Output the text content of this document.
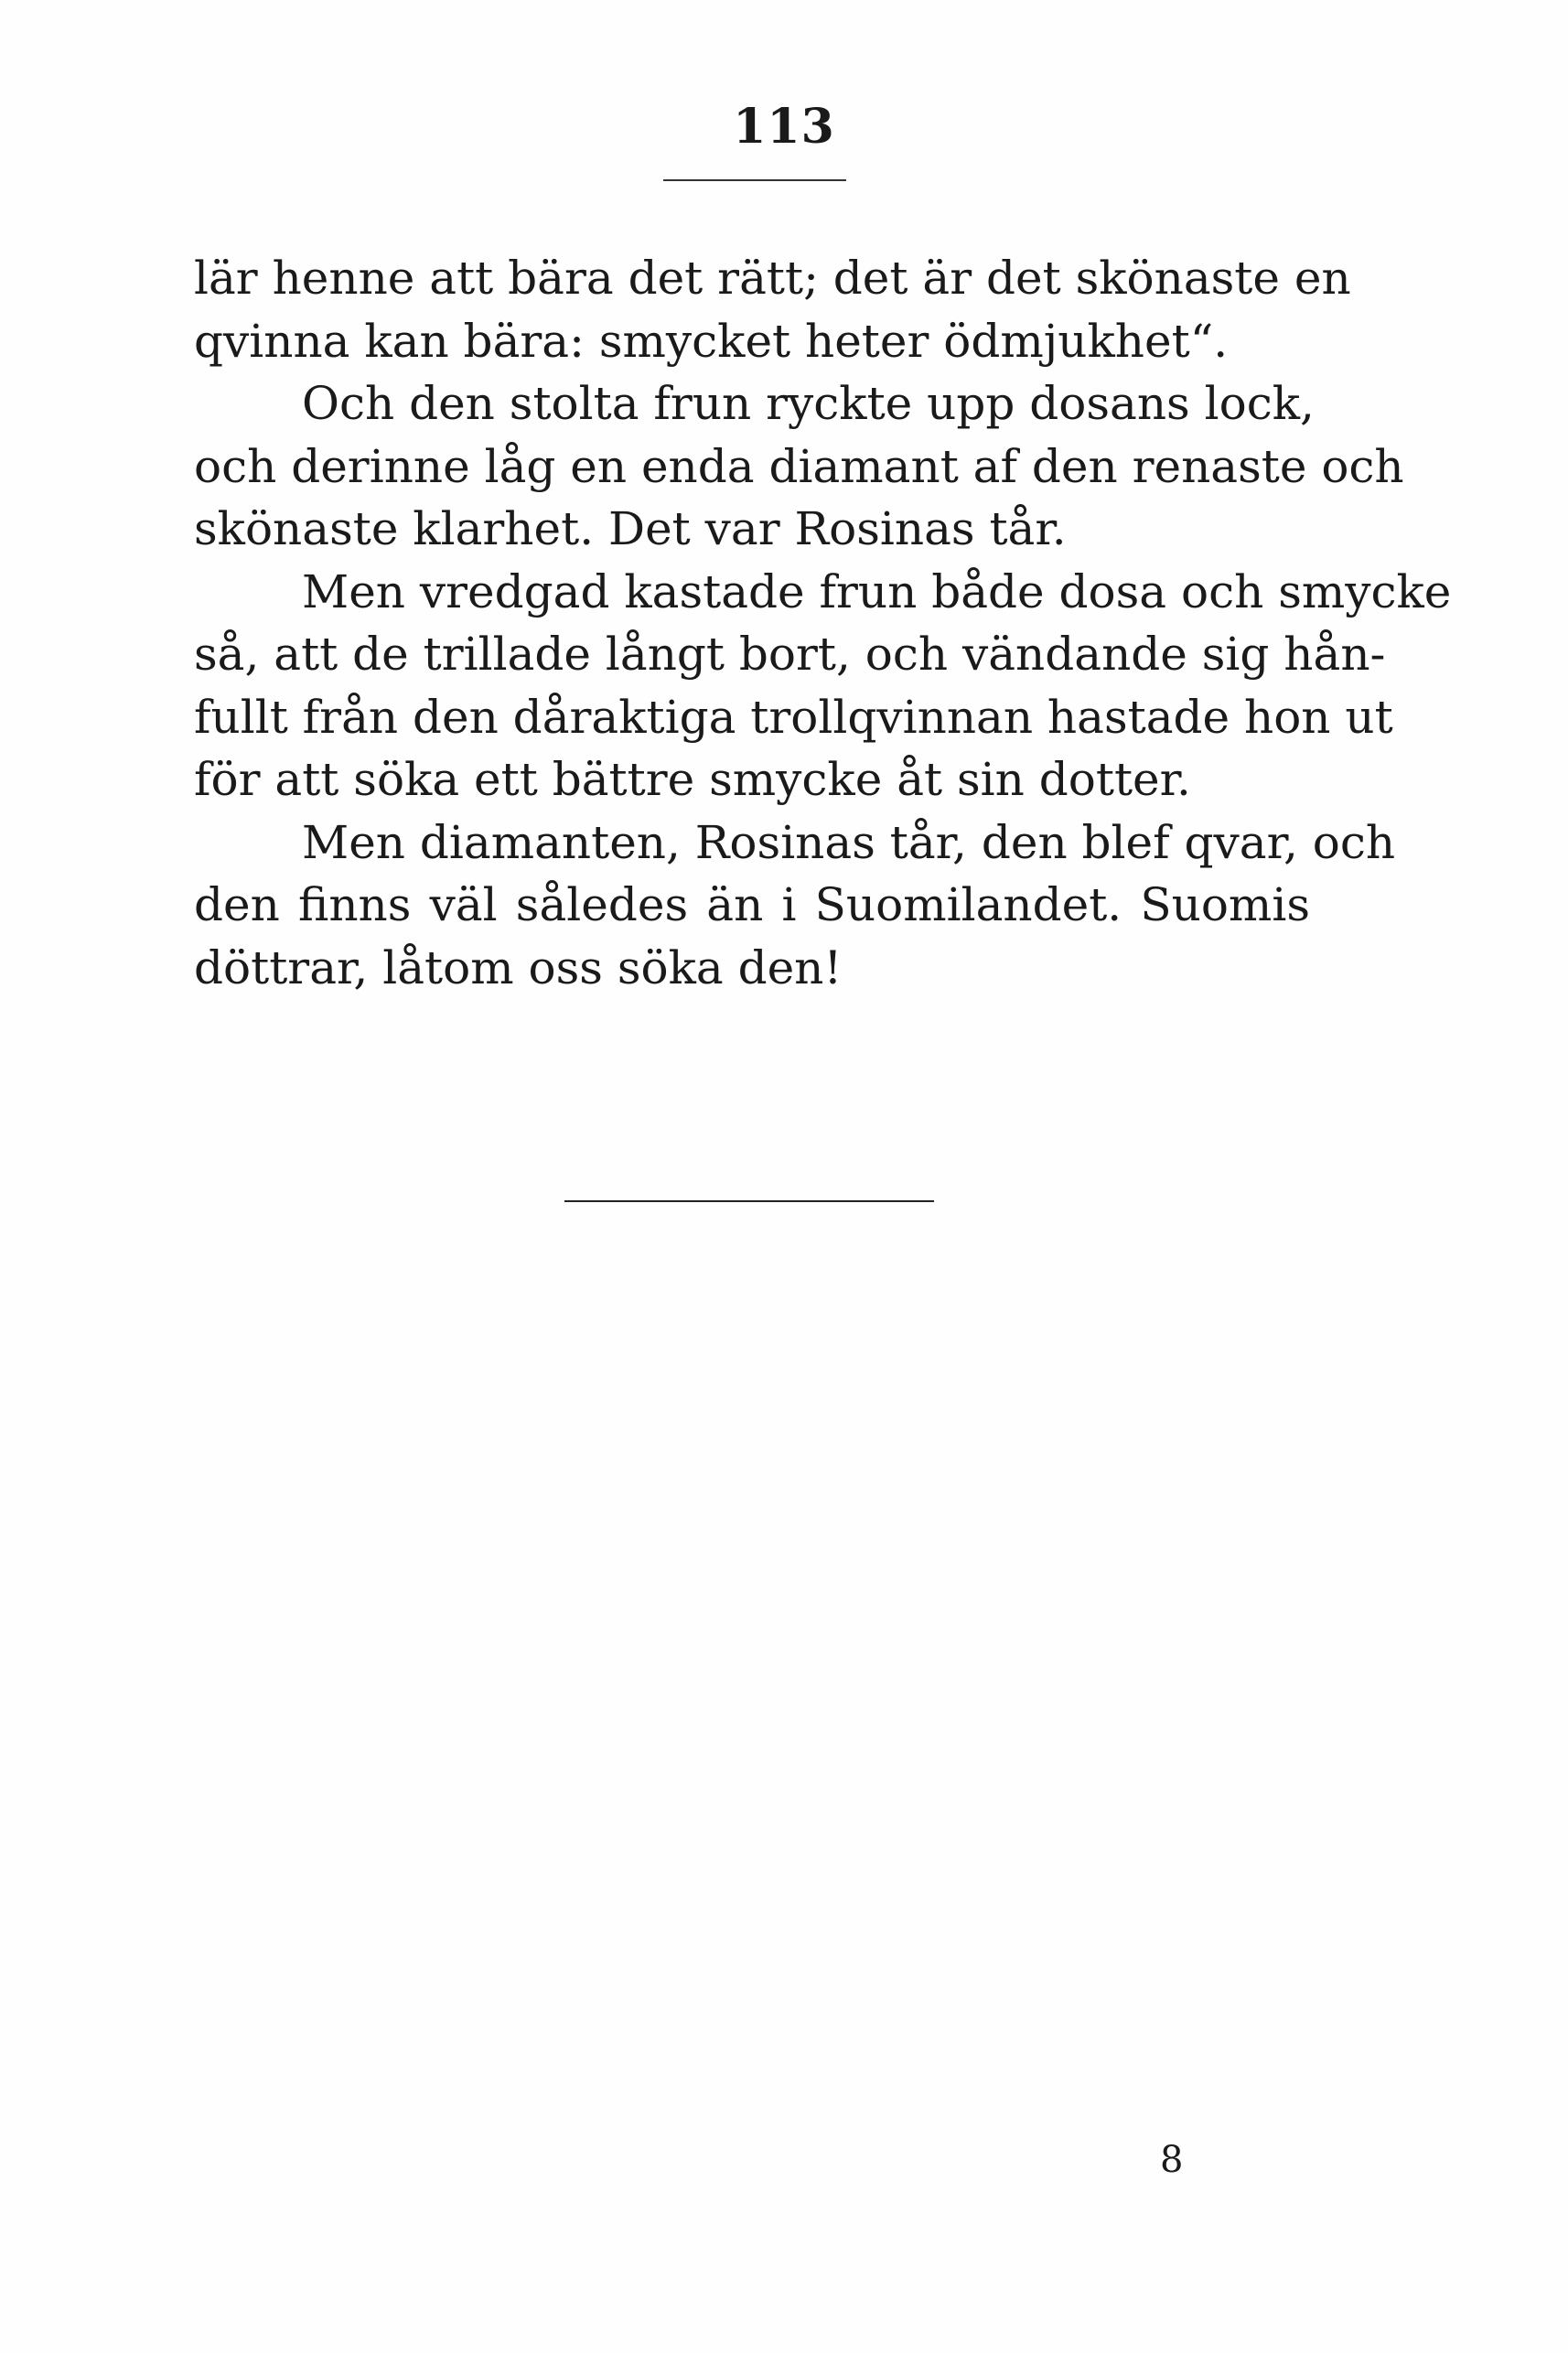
113
lär henne att bära det rätt; det är det skönaste en
qvinna kan bära: smycket heter ödmjukhet“.
Och den stolta frun ryckte upp dosans lock,
och derinne låg en enda diamant af den renaste och
skönaste klarhet. Det var Rosinas tår.
Men vredgad kastade frun både dosa och smycke
så, att de trillade långt bort, och vändande sig hån-
fullt från den dåraktiga trollqvinnan hastade hon ut
för att söka ett bättre smycke åt sin dotter.
Men diamanten, Rosinas tår, den blef qvar, och
den finns väl således än i Suomilandet. Suomis
döttrar, låtom oss söka den!
8
